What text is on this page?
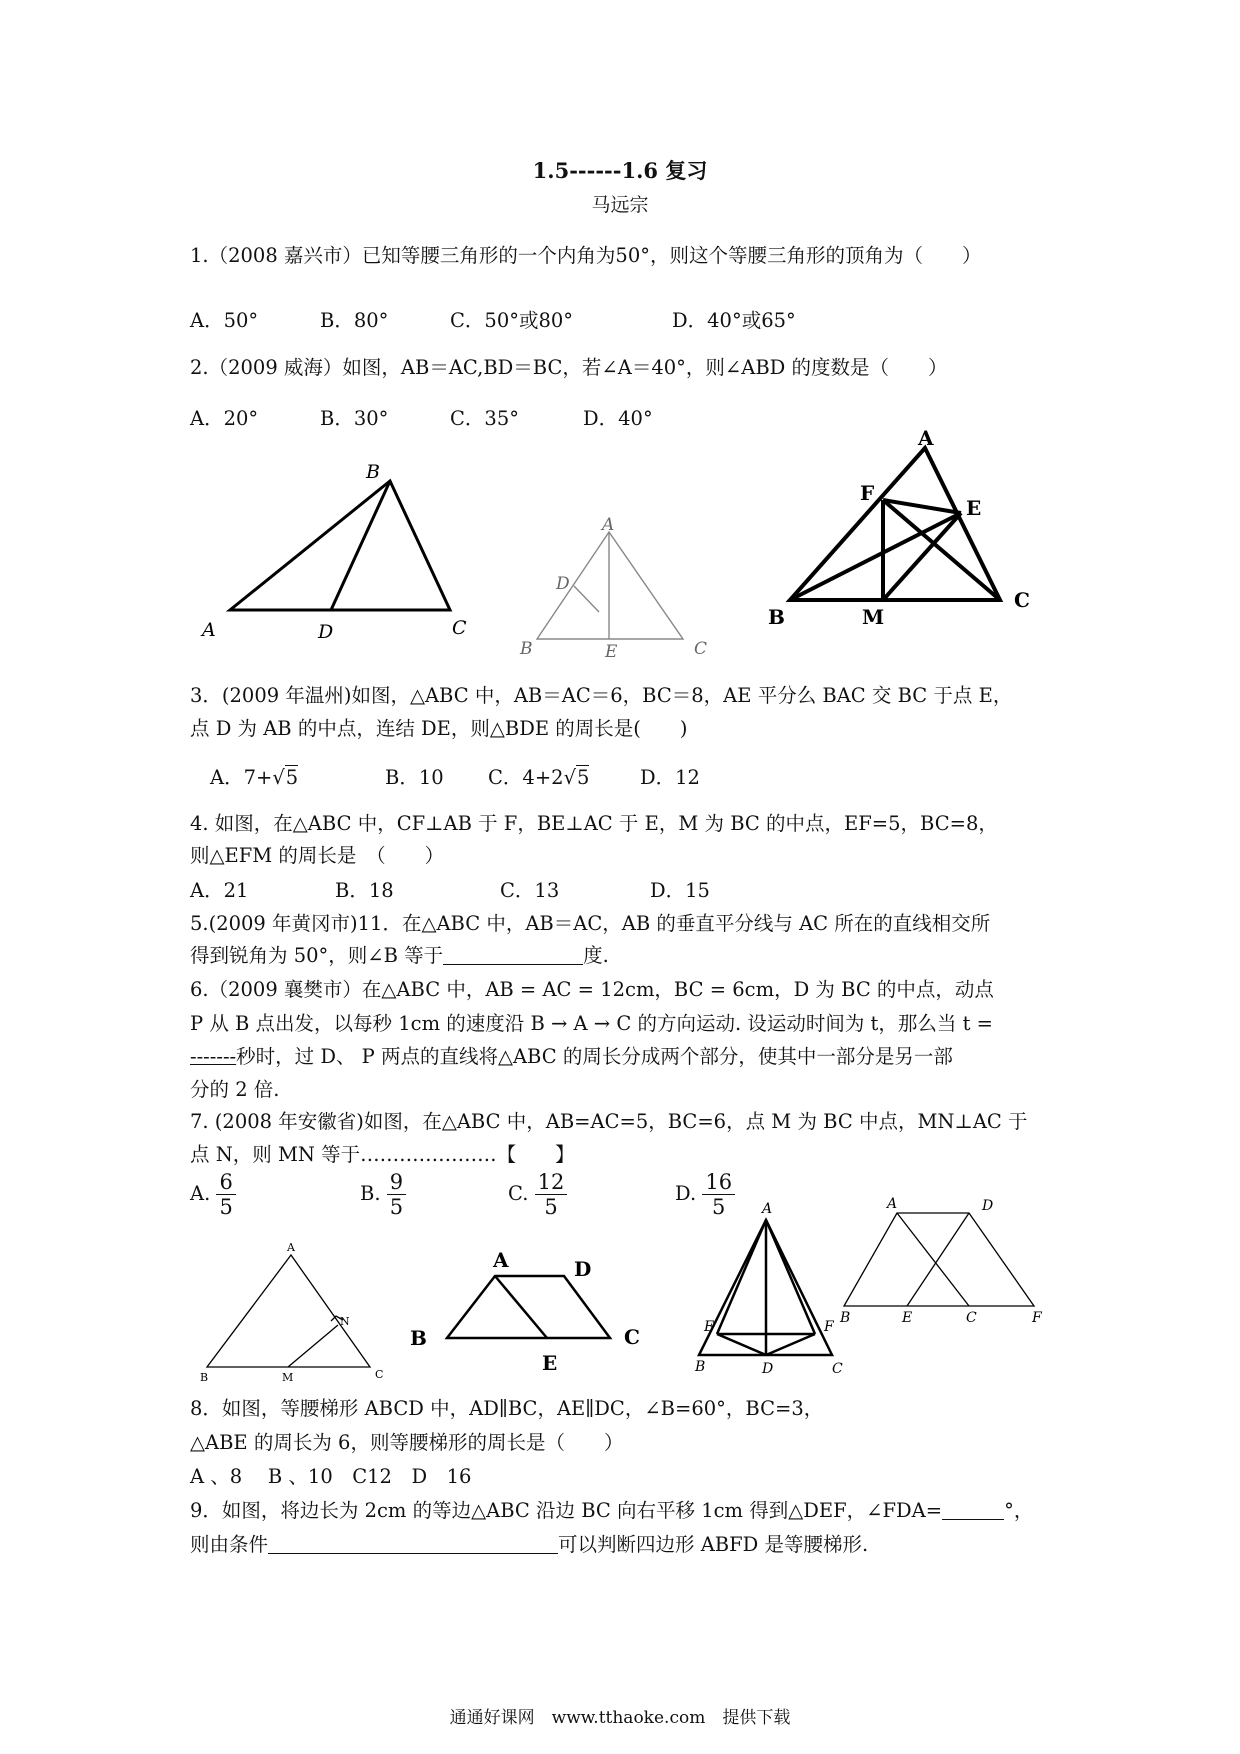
1.5------1.6 复习
马远宗
1.（2008 嘉兴市）已知等腰三角形的一个内角为50°，则这个等腰三角形的顶角为（　　）
A．50°	B．80°	C．50°或80°	D．40°或65°
2.（2009 威海）如图，AB＝AC,BD＝BC，若∠A＝40°，则∠ABD 的度数是（　　）
A．20°	B．30°	C．35°	D．40°
B
A	D	C
A
D
B	E	C
A
F
E
B	M
C
3．(2009 年温州)如图，△ABC 中，AB＝AC＝6，BC＝8，AE 平分么 BAC 交 BC 于点 E，
点 D 为 AB 的中点，连结 DE，则△BDE 的周长是(　　)
A．7+√5	B．10 C．4+2√5	D．12
4. 如图，在△ABC 中，CF⊥AB 于 F，BE⊥AC 于 E，M 为 BC 的中点，EF=5，BC=8，
则△EFM 的周长是　（　　）
A．21	B．18	C．13	D．15
5.(2009 年黄冈市)11．在△ABC 中，AB＝AC，AB 的垂直平分线与 AC 所在的直线相交所
得到锐角为 50°，则∠B 等于	度.
6.（2009 襄樊市）在△ABC 中，AB = AC = 12cm，BC = 6cm，D 为 BC 的中点，动点
P 从 B 点出发，以每秒 1cm 的速度沿 B → A → C 的方向运动. 设运动时间为 t，那么当 t =
-------秒时，过 D、 P 两点的直线将△ABC 的周长分成两个部分，使其中一部分是另一部
分的 2 倍.
7. (2008 年安徽省)如图，在△ABC 中，AB=AC=5，BC=6，点 M 为 BC 中点，MN⊥AC 于
点 N，则 MN 等于…………………【　　】
A. $\frac{6}{5}$	B. $\frac{9}{5}$	C. $\frac{12}{5}$	D. $\frac{16}{5}$
A
N
B	M	C
A	D
B
E
C
A
E	F
B	D	C
A	D
B	E	C	F
8．如图，等腰梯形 ABCD 中，AD∥BC，AE∥DC，∠B=60°，BC=3，
△ABE 的周长为 6，则等腰梯形的周长是（　　）
A 、8　 B 、10　C12　D　16
9．如图，将边长为 2cm 的等边△ABC 沿边 BC 向右平移 1cm 得到△DEF，∠FDA=	°，
则由条件	可以判断四边形 ABFD 是等腰梯形.
通通好课网　www.tthaoke.com　提供下载
